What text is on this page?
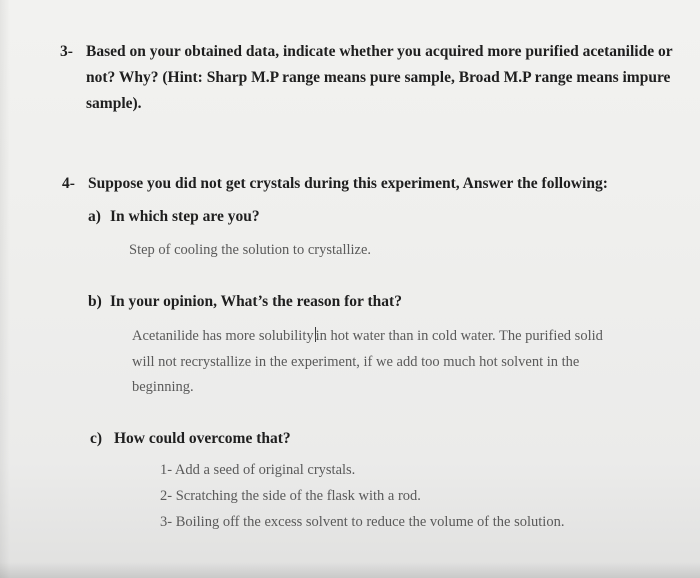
3- Based on your obtained data, indicate whether you acquired more purified acetanilide or
not? Why? (Hint: Sharp M.P range means pure sample, Broad M.P range means impure
sample).
4- Suppose you did not get crystals during this experiment, Answer the following:
a) In which step are you?
Step of cooling the solution to crystallize.
b) In your opinion, What’s the reason for that?
Acetanilide has more solubility in hot water than in cold water. The purified solid
will not recrystallize in the experiment, if we add too much hot solvent in the
beginning.
c) How could overcome that?
1- Add a seed of original crystals.
2- Scratching the side of the flask with a rod.
3- Boiling off the excess solvent to reduce the volume of the solution.
